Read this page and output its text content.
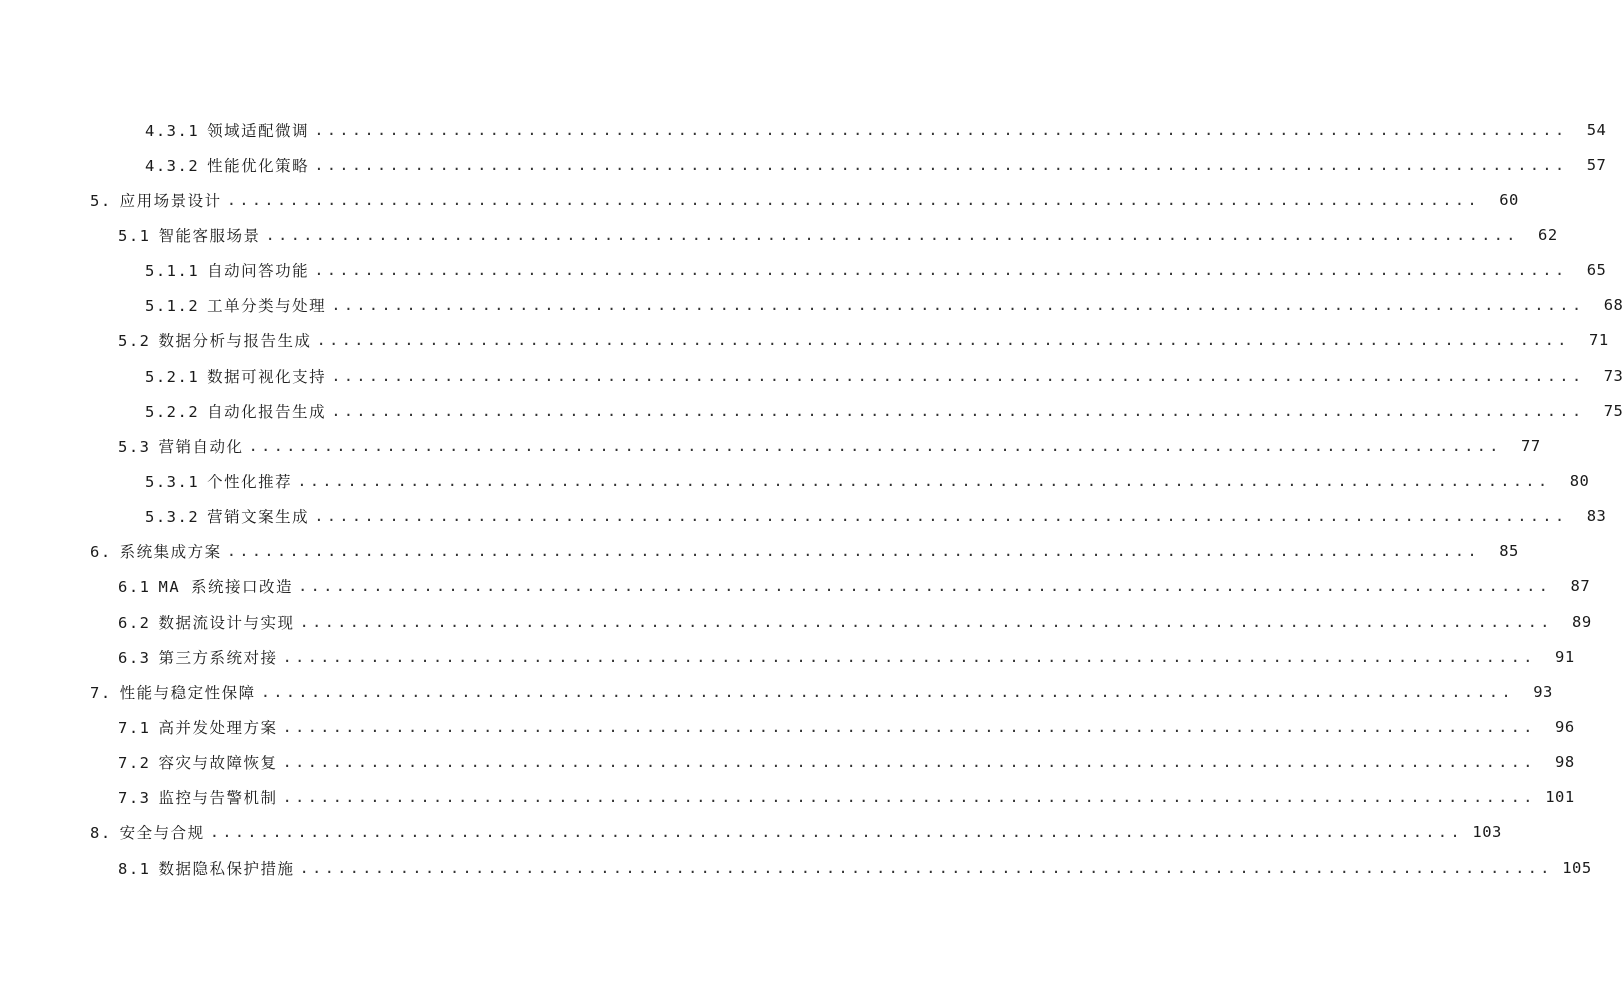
4.3.1 领域适配微调 ....................................................................................................	54
4.3.2 性能优化策略 ....................................................................................................	57
5. 应用场景设计 ....................................................................................................	60
5.1 智能客服场景 ....................................................................................................	62
5.1.1 自动问答功能 ....................................................................................................	65
5.1.2 工单分类与处理 ....................................................................................................	68
5.2 数据分析与报告生成 ....................................................................................................	71
5.2.1 数据可视化支持 ....................................................................................................	73
5.2.2 自动化报告生成 ....................................................................................................	75
5.3 营销自动化 ....................................................................................................	77
5.3.1 个性化推荐 ....................................................................................................	80
5.3.2 营销文案生成 ....................................................................................................	83
6. 系统集成方案 ....................................................................................................	85
6.1 MA 系统接口改造 ....................................................................................................	87
6.2 数据流设计与实现 ....................................................................................................	89
6.3 第三方系统对接 ....................................................................................................	91
7. 性能与稳定性保障 ....................................................................................................	93
7.1 高并发处理方案 ....................................................................................................	96
7.2 容灾与故障恢复 ....................................................................................................	98
7.3 监控与告警机制 .................................................................................................... 101
8. 安全与合规 .................................................................................................... 103
8.1 数据隐私保护措施 .................................................................................................... 105
